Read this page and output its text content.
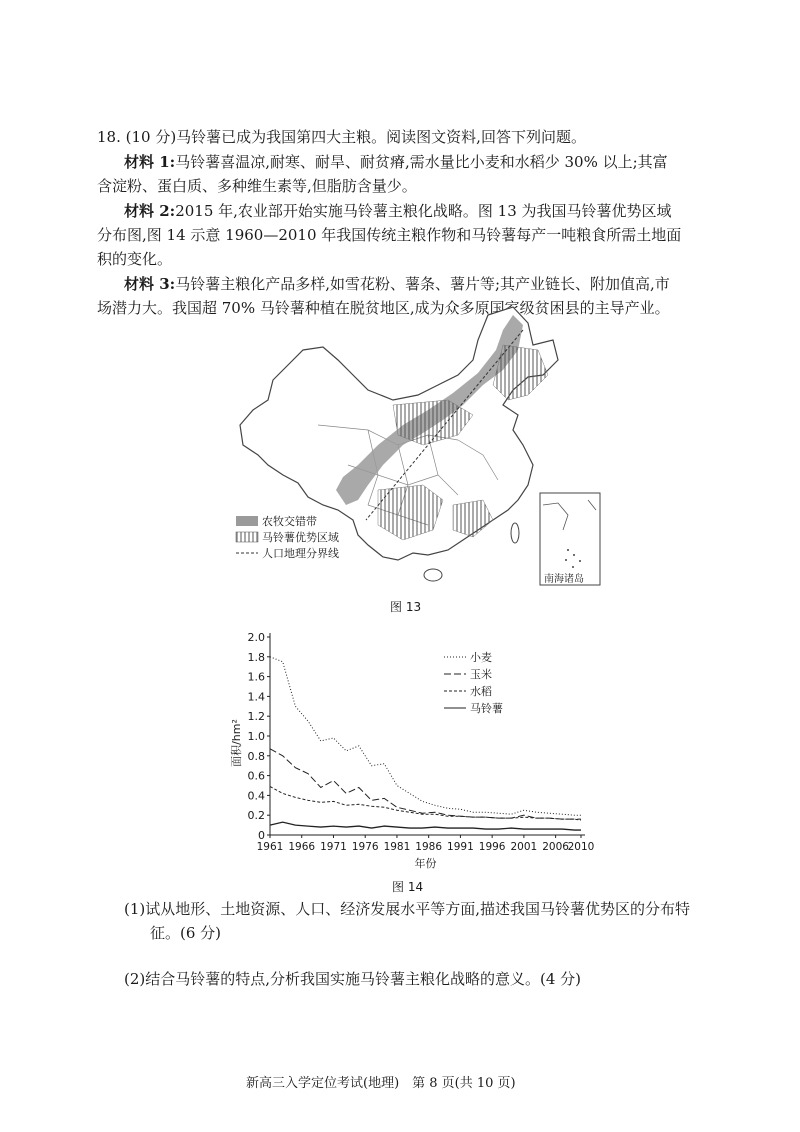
18. (10 分)马铃薯已成为我国第四大主粮。阅读图文资料,回答下列问题。
材料 1:马铃薯喜温凉,耐寒、耐旱、耐贫瘠,需水量比小麦和水稻少 30% 以上;其富
含淀粉、蛋白质、多种维生素等,但脂肪含量少。
材料 2:2015 年,农业部开始实施马铃薯主粮化战略。图 13 为我国马铃薯优势区域
分布图,图 14 示意 1960—2010 年我国传统主粮作物和马铃薯每产一吨粮食所需土地面
积的变化。
材料 3:马铃薯主粮化产品多样,如雪花粉、薯条、薯片等;其产业链长、附加值高,市
场潜力大。我国超 70% 马铃薯种植在脱贫地区,成为众多原国家级贫困县的主导产业。
农牧交错带
马铃薯优势区域
人口地理分界线
南海诸岛
图 13
面积/hm²
年份
0
0.2
0.4
0.6
0.8
1.0
1.2
1.4
1.6
1.8
2.0
1961 1966 1971 1976 1981 1986 1991 1996 2001 2006
2010
小麦
玉米
水稻
马铃薯
图 14
(1)试从地形、土地资源、人口、经济发展水平等方面,描述我国马铃薯优势区的分布特
征。(6 分)
(2)结合马铃薯的特点,分析我国实施马铃薯主粮化战略的意义。(4 分)
新高三入学定位考试(地理)　第 8 页(共 10 页)
